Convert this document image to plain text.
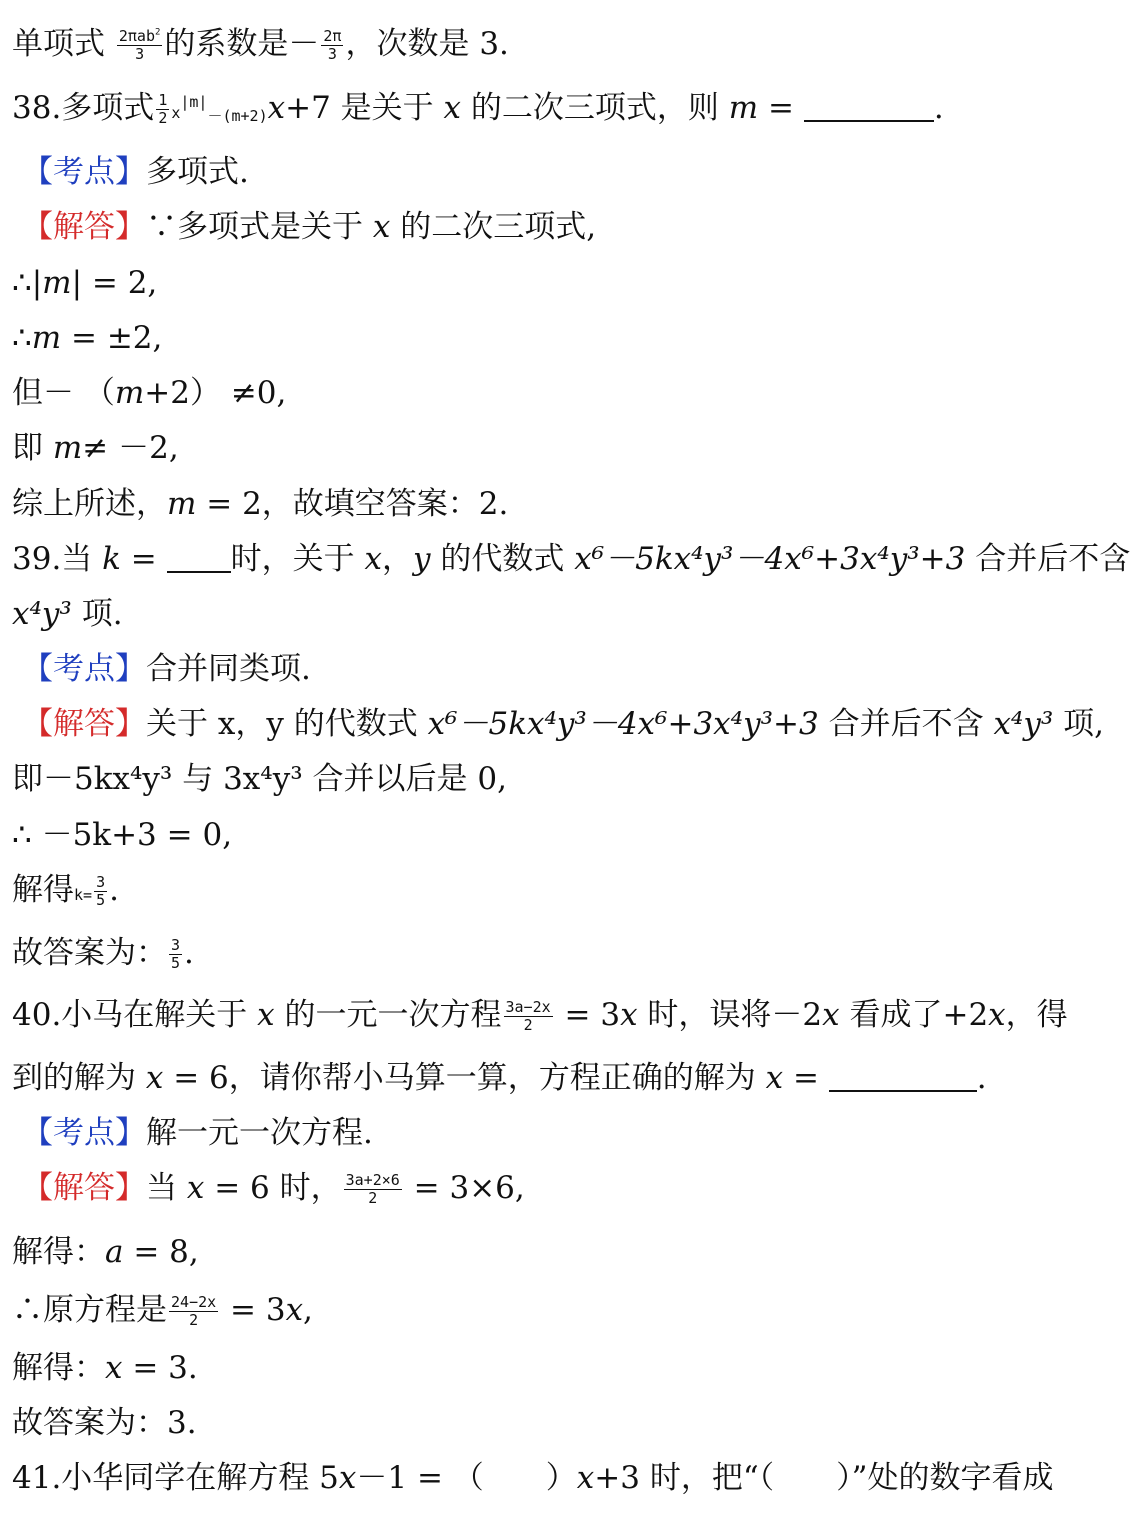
单项式 $\frac{2\pi ab^2}{3}$ 的系数是－ $\frac{2\pi}{3}$ ，次数是 3.
38.多项式 $\frac{1}{2} x^{|m|}_{-(m+2)}x+7$ 是关于 x 的二次三项式，则 m =	.
【考点】多项式.
【解答】∵多项式是关于 x 的二次三项式,
∴|m| = 2,
∴m = ±2,
但－ （m+2） ≠0,
即 m≠ －2,
综上所述，m = 2，故填空答案：2.
39.当 k = 时，关于 x，y 的代数式 x⁶－5kx⁴y³－4x⁶+3x⁴y³+3 合并后不含
x⁴y³ 项.
【考点】合并同类项.
【解答】关于 x，y 的代数式 x⁶－5kx⁴y³－4x⁶+3x⁴y³+3 合并后不含 x⁴y³ 项,
即－5kx⁴y³ 与 3x⁴y³ 合并以后是 0,
∴ －5k+3 = 0,
解得$k= \frac{3}{5}$ .
故答案为： $\frac{3}{5}$ .
40.小马在解关于 x 的一元一次方程 $\frac{3a-2x}{2} = 3x$ 时，误将－2x 看成了+2x，得
到的解为 x = 6，请你帮小马算一算，方程正确的解为 x =	.
【考点】解一元一次方程.
【解答】当 x = 6 时， $\frac{3a+2\times 6}{2} = 3\times 6$,
解得：a = 8,
∴原方程是 $\frac{24-2x}{2} = 3x$,
解得：x = 3.
故答案为：3.
41.小华同学在解方程 5x－1 = （　　）x+3 时，把“（　　）”处的数字看成
